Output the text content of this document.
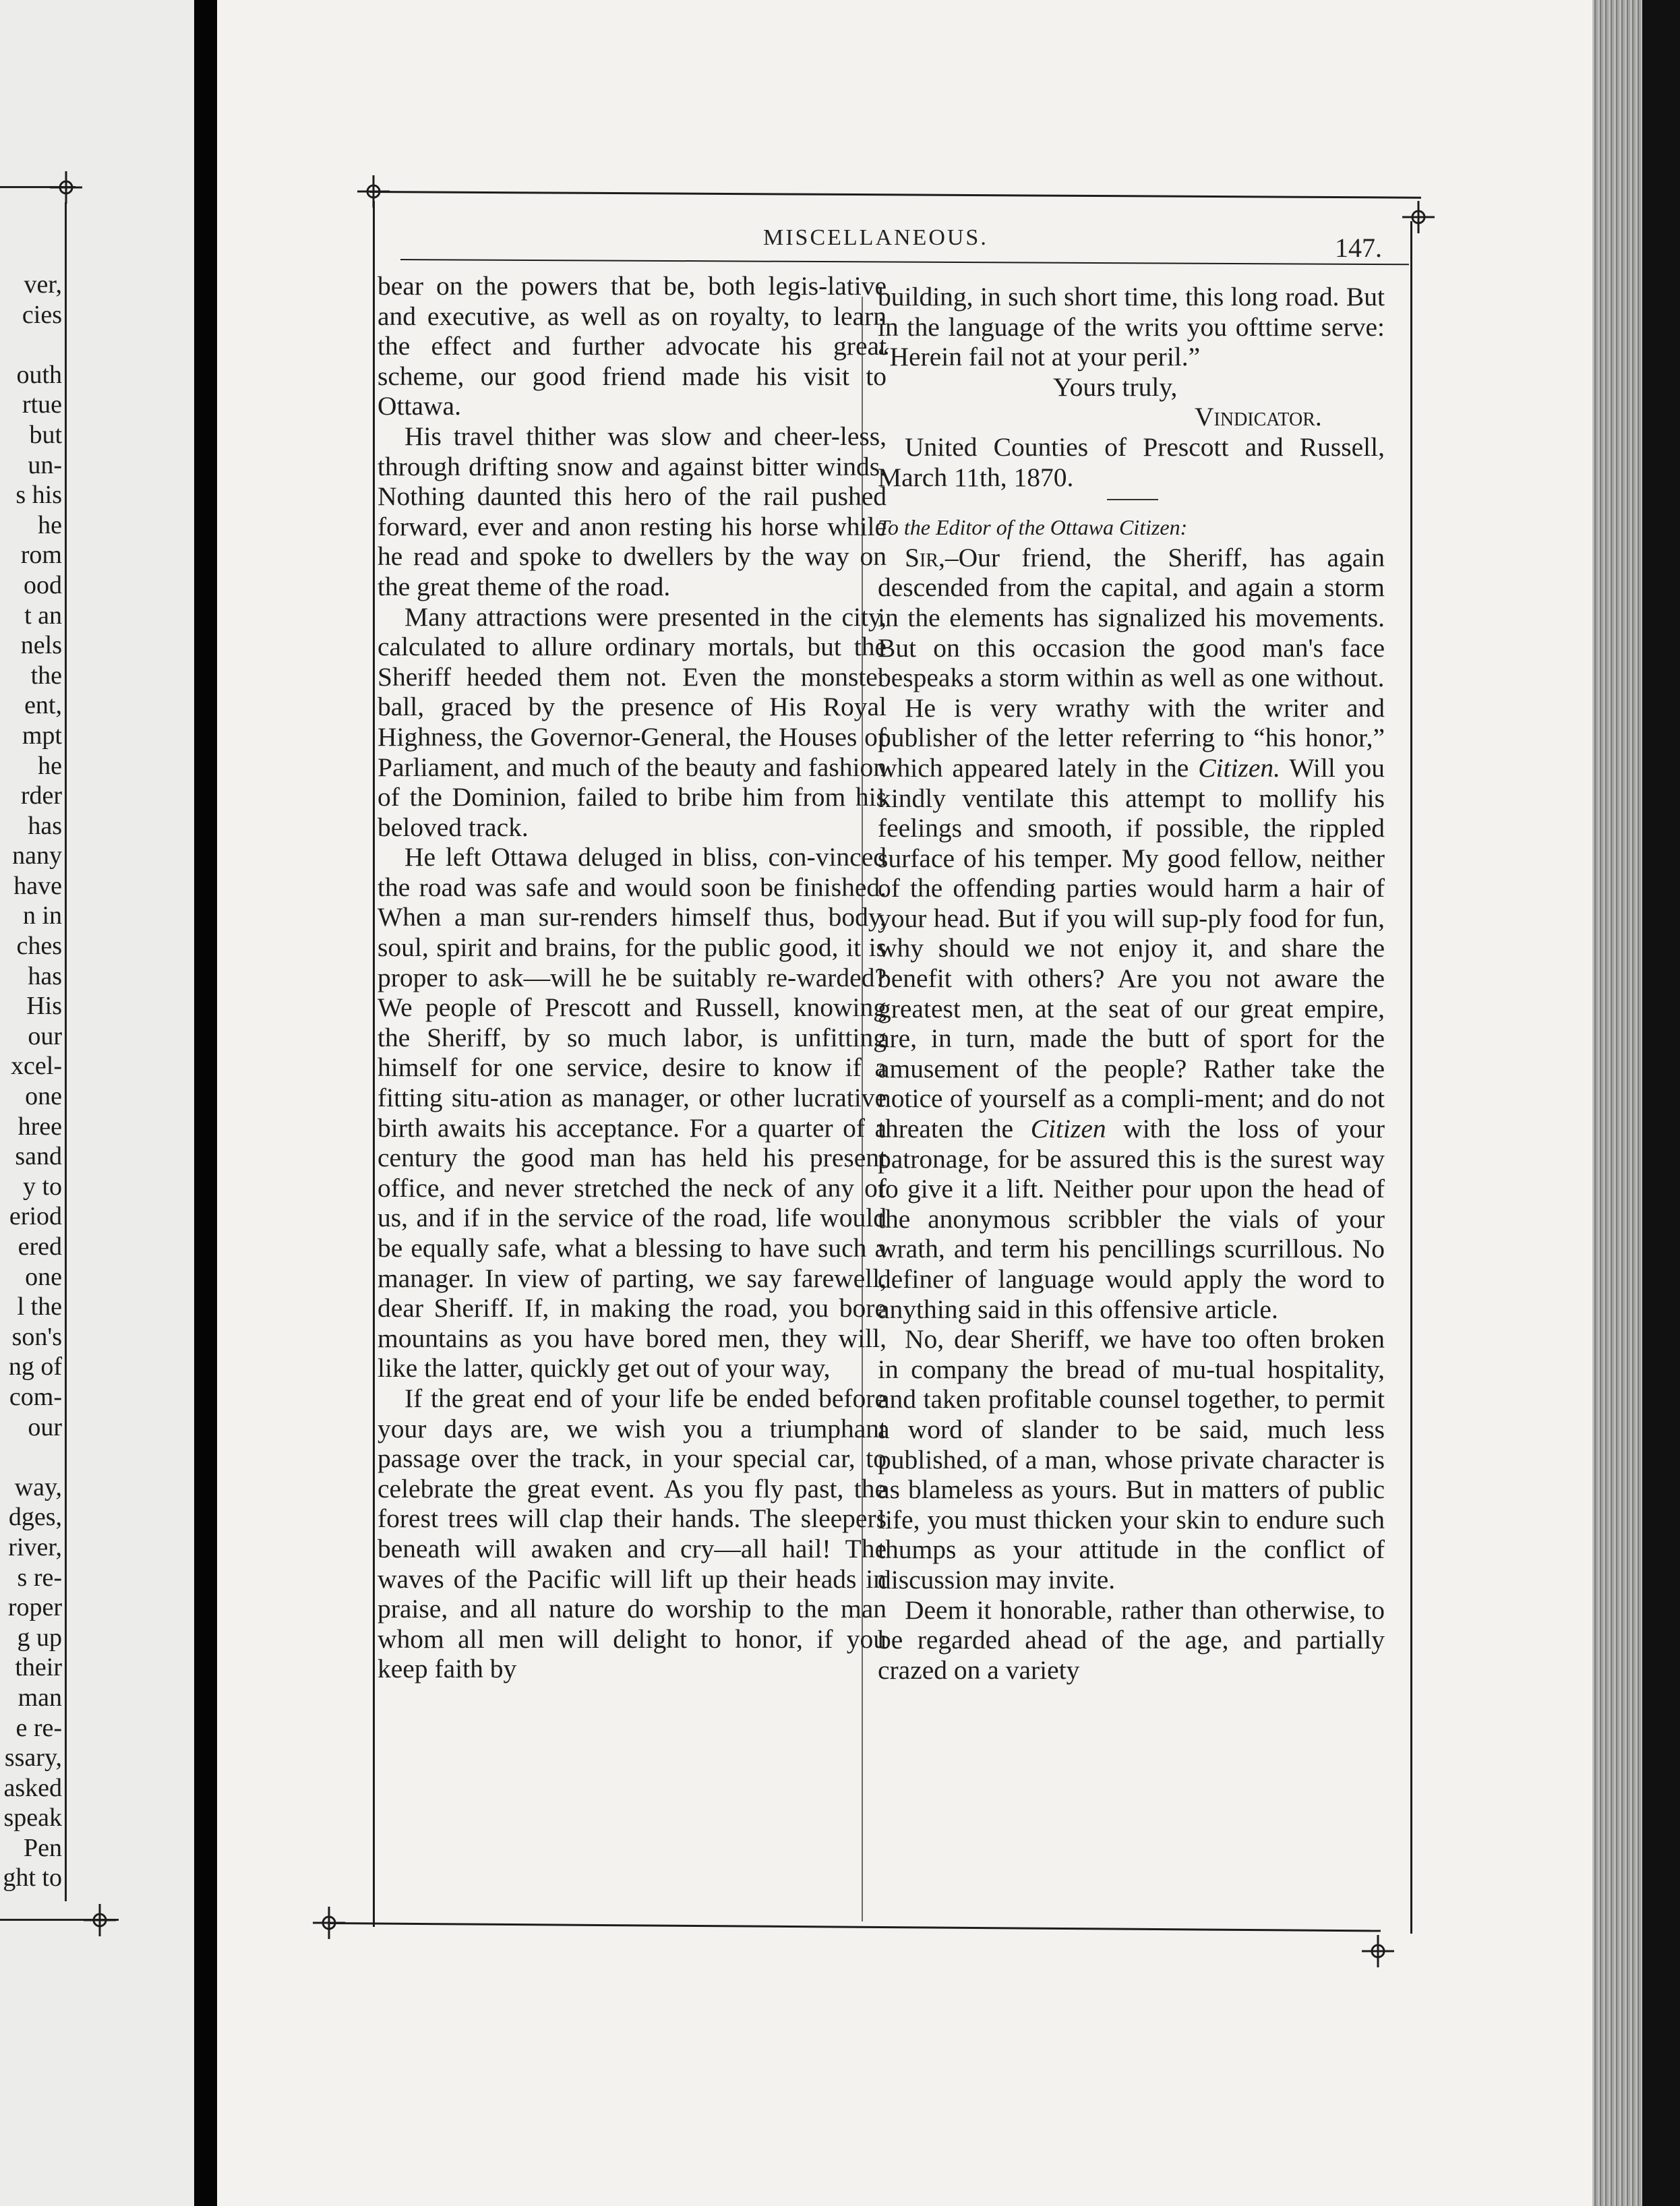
ver,
cies
outh
rtue
but
un-
s his
he
rom
ood
t an
nels
the
ent,
mpt
he
rder
has
nany
have
n in
ches
has
His
our
xcel-
one
hree
sand
y to
eriod
ered
one
l the
son's
ng of
com-
our
way,
dges,
river,
s re-
roper
g up
their
man
e re-
ssary,
asked
speak
Pen
ght to
MISCELLANEOUS.	147.

bear on the powers that be, both legis-lative and executive, as well as on royalty, to learn the effect and further advocate his great scheme, our good friend made his visit to Ottawa.

His travel thither was slow and cheer-less, through drifting snow and against bitter winds. Nothing daunted this hero of the rail pushed forward, ever and anon resting his horse while he read and spoke to dwellers by the way on the great theme of the road.

Many attractions were presented in the city, calculated to allure ordinary mortals, but the Sheriff heeded them not. Even the monster ball, graced by the presence of His Royal Highness, the Governor-General, the Houses of Parliament, and much of the beauty and fashion of the Dominion, failed to bribe him from his beloved track.

He left Ottawa deluged in bliss, con-vinced the road was safe and would soon be finished. When a man sur-renders himself thus, body, soul, spirit and brains, for the public good, it is proper to ask—will he be suitably re-warded? We people of Prescott and Russell, knowing the Sheriff, by so much labor, is unfitting himself for one service, desire to know if a fitting situ-ation as manager, or other lucrative birth awaits his acceptance. For a quarter of a century the good man has held his present office, and never stretched the neck of any of us, and if in the service of the road, life would be equally safe, what a blessing to have such a manager. In view of parting, we say farewell, dear Sheriff. If, in making the road, you bore mountains as you have bored men, they will, like the latter, quickly get out of your way,

If the great end of your life be ended before your days are, we wish you a triumphant passage over the track, in your special car, to celebrate the great event. As you fly past, the forest trees will clap their hands. The sleepers beneath will awaken and cry—all hail! The waves of the Pacific will lift up their heads in praise, and all nature do worship to the man whom all men will delight to honor, if you keep faith by

building, in such short time, this long road. But in the language of the writs you ofttime serve: “Herein fail not at your peril.”

Yours truly,

Vindicator.

United Counties of Prescott and Russell, March 11th, 1870.

To the Editor of the Ottawa Citizen:

Sir,–Our friend, the Sheriff, has again descended from the capital, and again a storm in the elements has signalized his movements. But on this occasion the good man's face bespeaks a storm within as well as one without.

He is very wrathy with the writer and publisher of the letter referring to “his honor,” which appeared lately in the Citizen. Will you kindly ventilate this attempt to mollify his feelings and smooth, if possible, the rippled surface of his temper. My good fellow, neither of the offending parties would harm a hair of your head. But if you will sup-ply food for fun, why should we not enjoy it, and share the benefit with others? Are you not aware the greatest men, at the seat of our great empire, are, in turn, made the butt of sport for the amusement of the people? Rather take the notice of yourself as a compli-ment; and do not threaten the Citizen with the loss of your patronage, for be assured this is the surest way to give it a lift. Neither pour upon the head of the anonymous scribbler the vials of your wrath, and term his pencillings scurrillous. No definer of language would apply the word to anything said in this offensive article.

No, dear Sheriff, we have too often broken in company the bread of mu-tual hospitality, and taken profitable counsel together, to permit a word of slander to be said, much less published, of a man, whose private character is as blameless as yours. But in matters of public life, you must thicken your skin to endure such thumps as your attitude in the conflict of discussion may invite.

Deem it honorable, rather than otherwise, to be regarded ahead of the age, and partially crazed on a variety
